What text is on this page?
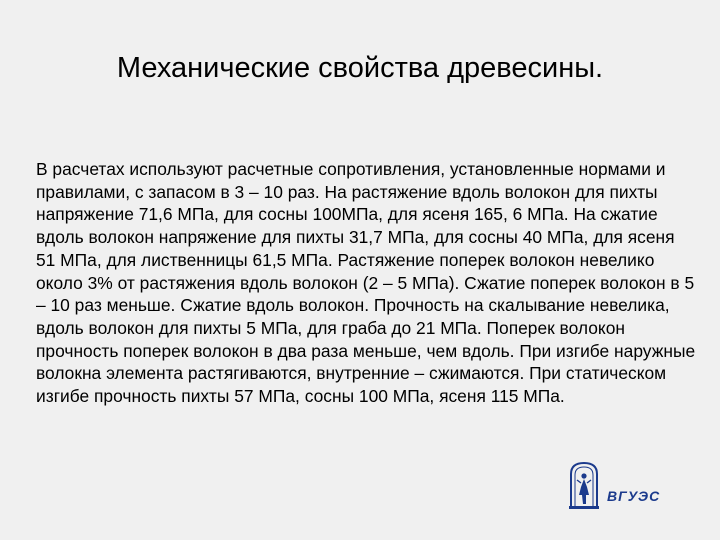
Механические свойства древесины.

В расчетах используют расчетные сопротивления, установленные нормами и правилами, с запасом в 3 – 10 раз. На растяжение вдоль волокон для пихты напряжение 71,6 МПа, для сосны 100МПа, для ясеня 165, 6 МПа. На сжатие вдоль волокон напряжение для пихты 31,7 МПа, для сосны 40 МПа, для ясеня 51 МПа, для лиственницы 61,5 МПа. Растяжение поперек волокон невелико около 3% от растяжения вдоль волокон (2 – 5 МПа). Сжатие поперек волокон в 5 – 10 раз меньше. Сжатие вдоль волокон. Прочность на скалывание невелика, вдоль волокон для пихты 5 МПа, для граба до 21 МПа. Поперек волокон прочность поперек волокон в два раза меньше, чем вдоль. При изгибе наружные волокна элемента растягиваются, внутренние – сжимаются. При статическом изгибе прочность пихты 57 МПа, сосны 100 МПа, ясеня 115 МПа.

ВГУЭС
